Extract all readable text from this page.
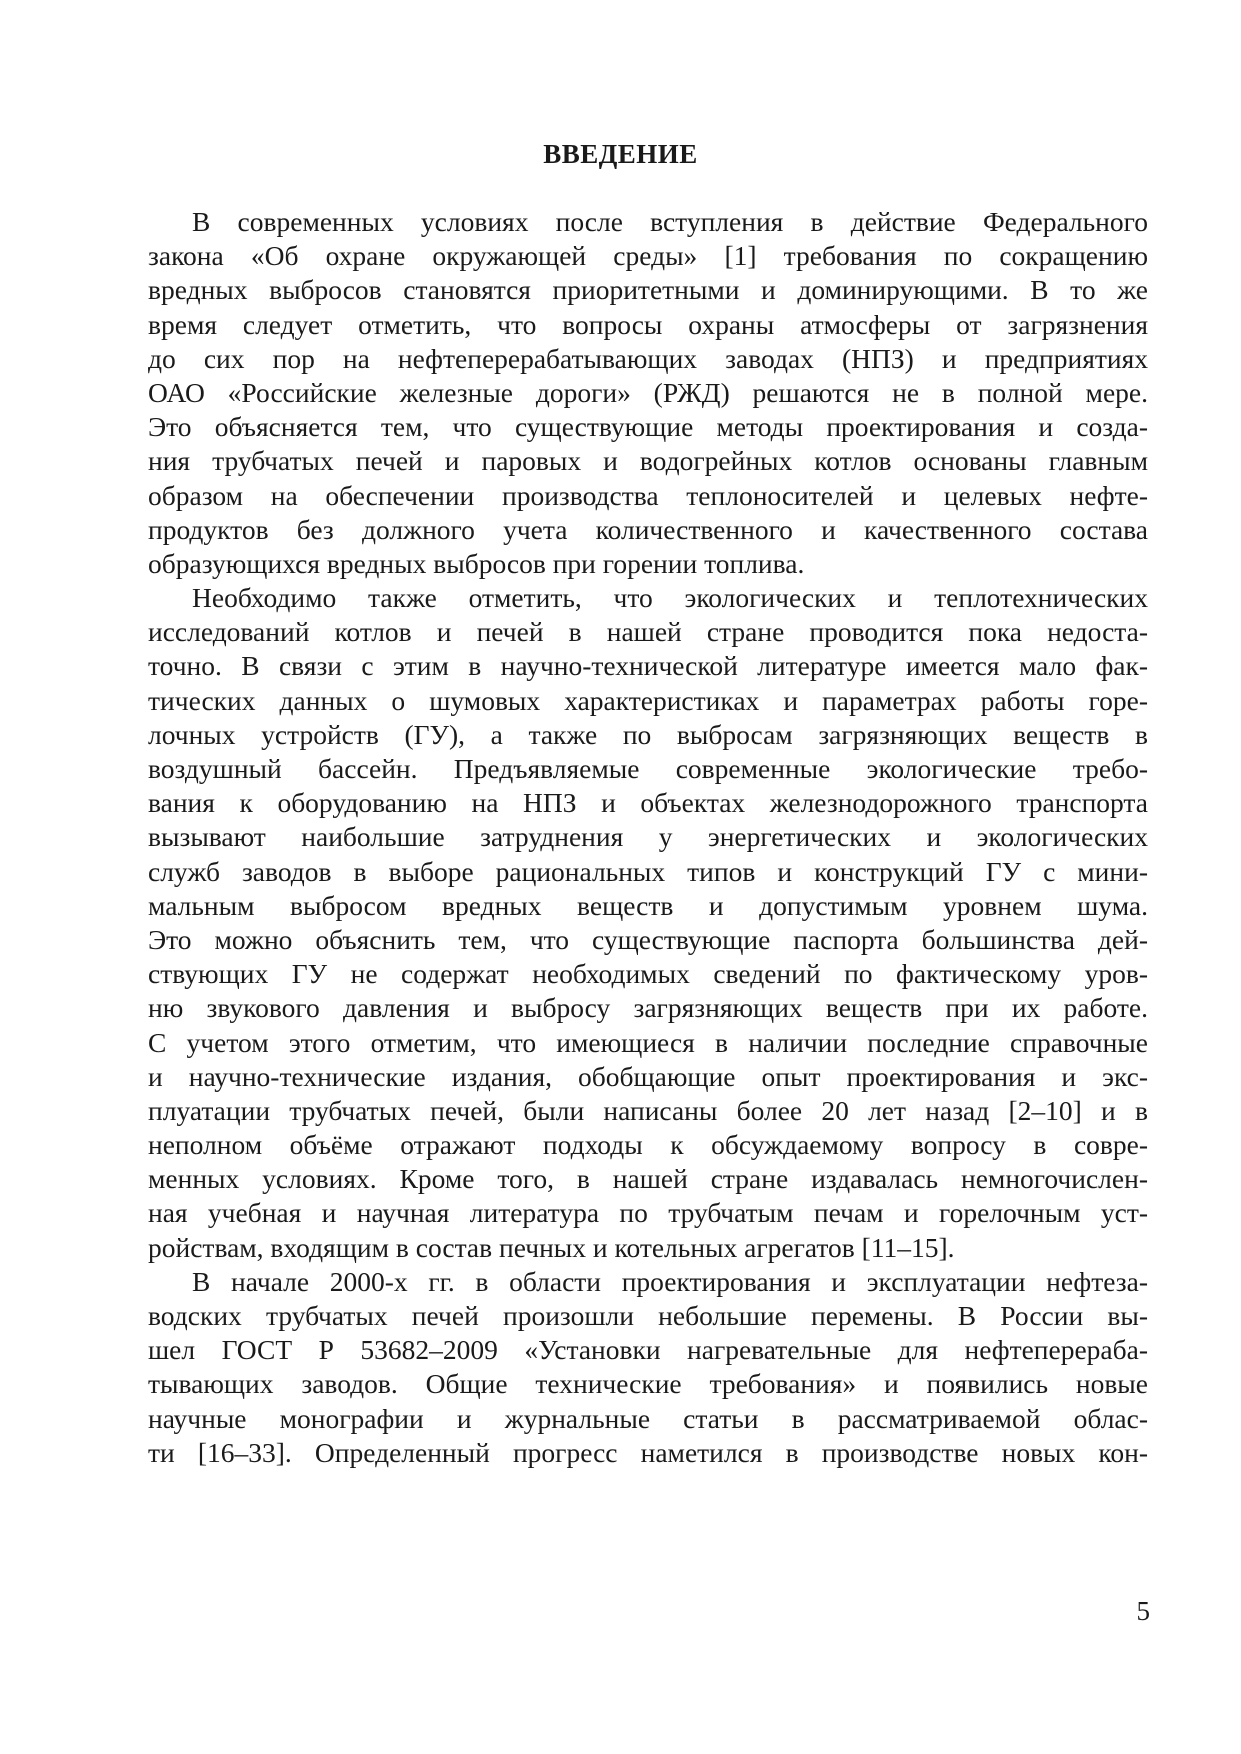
ВВЕДЕНИЕ
В современных условиях после вступления в действие Федерального
закона «Об охране окружающей среды» [1] требования по сокращению
вредных выбросов становятся приоритетными и доминирующими. В то же
время следует отметить, что вопросы охраны атмосферы от загрязнения
до сих пор на нефтеперерабатывающих заводах (НПЗ) и предприятиях
ОАО «Российские железные дороги» (РЖД) решаются не в полной мере.
Это объясняется тем, что существующие методы проектирования и созда-
ния трубчатых печей и паровых и водогрейных котлов основаны главным
образом на обеспечении производства теплоносителей и целевых нефте-
продуктов без должного учета количественного и качественного состава
образующихся вредных выбросов при горении топлива.
Необходимо также отметить, что экологических и теплотехнических
исследований котлов и печей в нашей стране проводится пока недоста-
точно. В связи с этим в научно-технической литературе имеется мало фак-
тических данных о шумовых характеристиках и параметрах работы горе-
лочных устройств (ГУ), а также по выбросам загрязняющих веществ в
воздушный бассейн. Предъявляемые современные экологические требо-
вания к оборудованию на НПЗ и объектах железнодорожного транспорта
вызывают наибольшие затруднения у энергетических и экологических
служб заводов в выборе рациональных типов и конструкций ГУ с мини-
мальным выбросом вредных веществ и допустимым уровнем шума.
Это можно объяснить тем, что существующие паспорта большинства дей-
ствующих ГУ не содержат необходимых сведений по фактическому уров-
ню звукового давления и выбросу загрязняющих веществ при их работе.
С учетом этого отметим, что имеющиеся в наличии последние справочные
и научно-технические издания, обобщающие опыт проектирования и экс-
плуатации трубчатых печей, были написаны более 20 лет назад [2–10] и в
неполном объёме отражают подходы к обсуждаемому вопросу в совре-
менных условиях. Кроме того, в нашей стране издавалась немногочислен-
ная учебная и научная литература по трубчатым печам и горелочным уст-
ройствам, входящим в состав печных и котельных агрегатов [11–15].
В начале 2000-х гг. в области проектирования и эксплуатации нефтеза-
водских трубчатых печей произошли небольшие перемены. В России вы-
шел ГОСТ Р 53682–2009 «Установки нагревательные для нефтеперераба-
тывающих заводов. Общие технические требования» и появились новые
научные монографии и журнальные статьи в рассматриваемой облас-
ти [16–33]. Определенный прогресс наметился в производстве новых кон-
5
